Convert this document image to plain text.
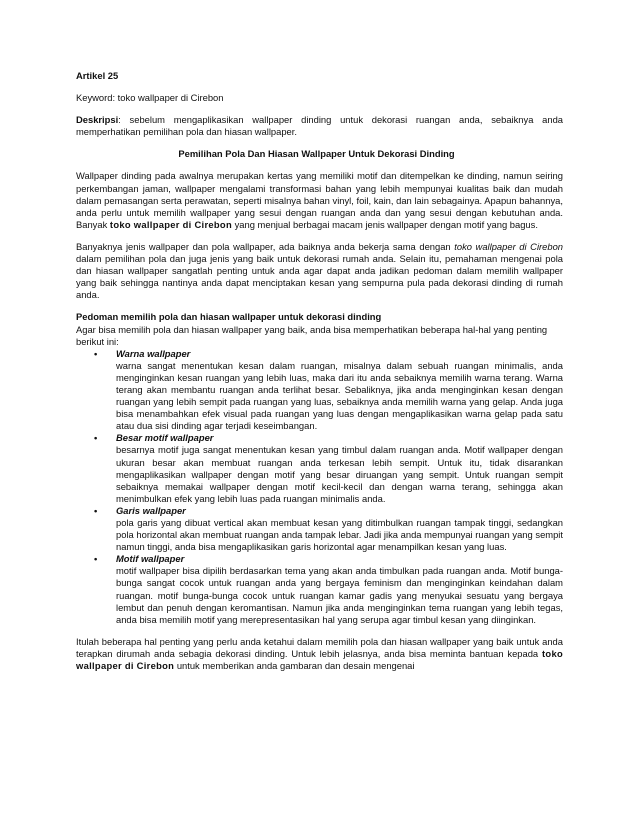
Artikel 25

Keyword: toko wallpaper di Cirebon

Deskripsi: sebelum mengaplikasikan wallpaper dinding untuk dekorasi ruangan anda, sebaiknya anda memperhatikan pemilihan pola dan hiasan wallpaper.

Pemilihan Pola Dan Hiasan Wallpaper Untuk Dekorasi Dinding

Wallpaper dinding pada awalnya merupakan kertas yang memiliki motif dan ditempelkan ke dinding, namun seiring perkembangan jaman, wallpaper mengalami transformasi bahan yang lebih mempunyai kualitas baik dan mudah dalam pemasangan serta perawatan, seperti misalnya bahan vinyl, foil, kain, dan lain sebagainya. Apapun bahannya, anda perlu untuk memilih wallpaper yang sesui dengan ruangan anda dan yang sesui dengan kebutuhan anda. Banyak toko wallpaper di Cirebon yang menjual berbagai macam jenis wallpaper dengan motif yang bagus.

Banyaknya jenis wallpaper dan pola wallpaper, ada baiknya anda bekerja sama dengan toko wallpaper di Cirebon dalam pemilihan pola dan juga jenis yang baik untuk dekorasi rumah anda. Selain itu, pemahaman mengenai pola dan hiasan wallpaper sangatlah penting untuk anda agar dapat anda jadikan pedoman dalam memilih wallpaper yang baik sehingga nantinya anda dapat menciptakan kesan yang sempurna pula pada dekorasi dinding di rumah anda.

Pedoman memilih pola dan hiasan wallpaper untuk dekorasi dinding

Agar bisa memilih pola dan hiasan wallpaper yang baik, anda bisa memperhatikan beberapa hal-hal yang penting berikut ini:

• Warna wallpaper
warna sangat menentukan kesan dalam ruangan, misalnya dalam sebuah ruangan minimalis, anda menginginkan kesan ruangan yang lebih luas, maka dari itu anda sebaiknya memilih warna terang. Warna terang akan membantu ruangan anda terlihat besar. Sebaliknya, jika anda menginginkan kesan dengan ruangan yang lebih sempit pada ruangan yang luas, sebaiknya anda memilih warna yang gelap. Anda juga bisa menambahkan efek visual pada ruangan yang luas dengan mengaplikasikan warna gelap pada satu atau dua sisi dinding agar terjadi keseimbangan.
• Besar motif wallpaper
besarnya motif juga sangat menentukan kesan yang timbul dalam ruangan anda. Motif wallpaper dengan ukuran besar akan membuat ruangan anda terkesan lebih sempit. Untuk itu, tidak disarankan mengaplikasikan wallpaper dengan motif yang besar diruangan yang sempit. Untuk ruangan sempit sebaiknya memakai wallpaper dengan motif kecil-kecil dan dengan warna terang, sehingga akan menimbulkan efek yang lebih luas pada ruangan minimalis anda.
• Garis wallpaper
pola garis yang dibuat vertical akan membuat kesan yang ditimbulkan ruangan tampak tinggi, sedangkan pola horizontal akan membuat ruangan anda tampak lebar. Jadi jika anda mempunyai ruangan yang sempit namun tinggi, anda bisa mengaplikasikan garis horizontal agar menampilkan kesan yang luas.
• Motif wallpaper
motif wallpaper bisa dipilih berdasarkan tema yang akan anda timbulkan pada ruangan anda. Motif bunga-bunga sangat cocok untuk ruangan anda yang bergaya feminism dan menginginkan keindahan dalam ruangan. motif bunga-bunga cocok untuk ruangan kamar gadis yang menyukai sesuatu yang bergaya lembut dan penuh dengan keromantisan. Namun jika anda menginginkan tema ruangan yang lebih tegas, anda bisa memilih motif yang merepresentasikan hal yang serupa agar timbul kesan yang diinginkan.

Itulah beberapa hal penting yang perlu anda ketahui dalam memilih pola dan hiasan wallpaper yang baik untuk anda terapkan dirumah anda sebagia dekorasi dinding. Untuk lebih jelasnya, anda bisa meminta bantuan kepada toko wallpaper di Cirebon untuk memberikan anda gambaran dan desain mengenai
